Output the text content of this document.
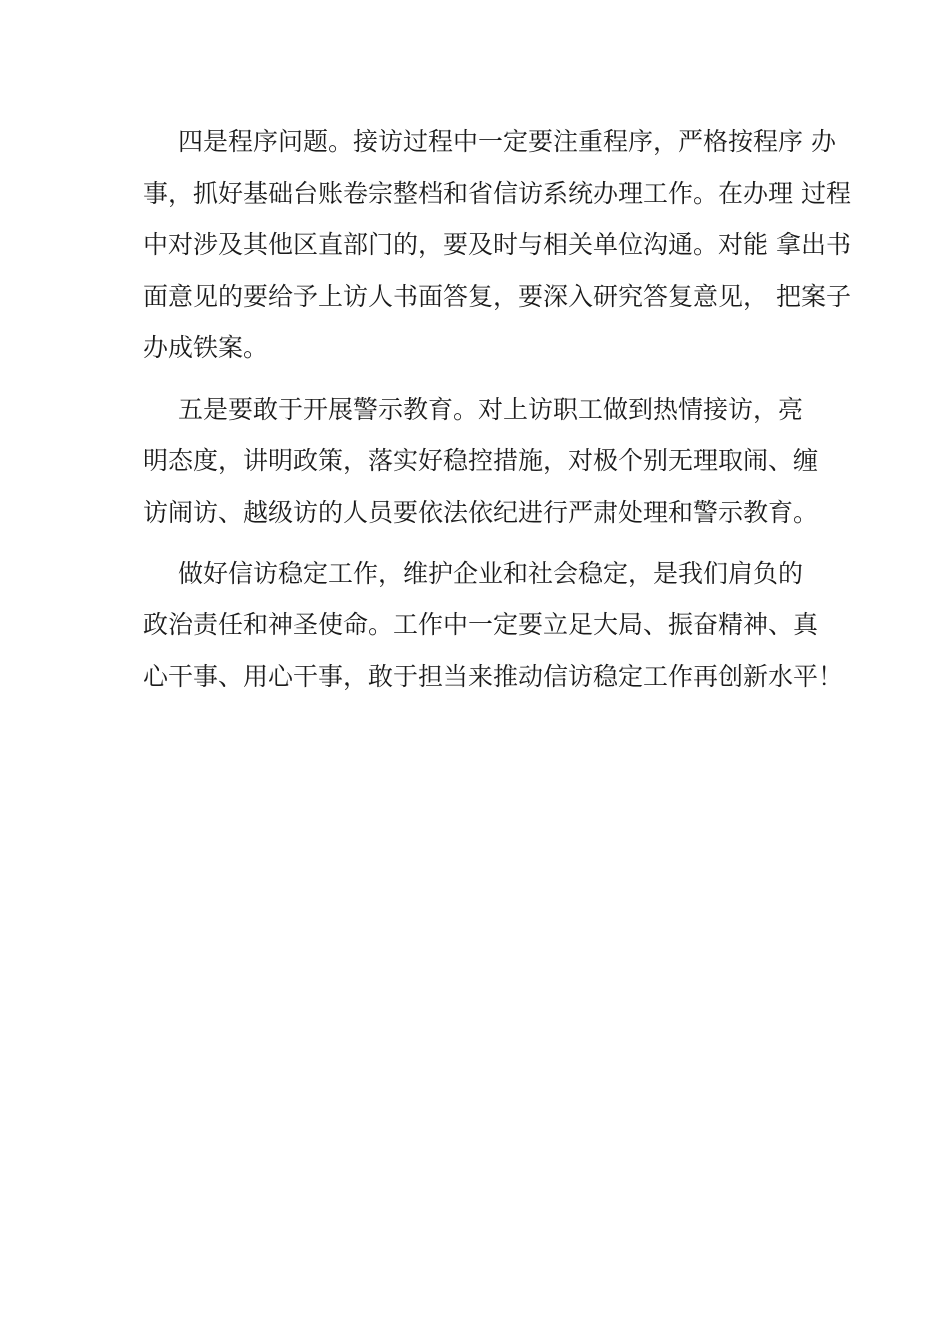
四是程序问题。接访过程中一定要注重程序，严格按程序 办

事，抓好基础台账卷宗整档和省信访系统办理工作。在办理 过程

中对涉及其他区直部门的，要及时与相关单位沟通。对能 拿出书

面意见的要给予上访人书面答复，要深入研究答复意见， 把案子

办成铁案。

五是要敢于开展警示教育。对上访职工做到热情接访，亮

明态度，讲明政策，落实好稳控措施，对极个别无理取闹、缠

访闹访、越级访的人员要依法依纪进行严肃处理和警示教育。

做好信访稳定工作，维护企业和社会稳定，是我们肩负的

政治责任和神圣使命。工作中一定要立足大局、振奋精神、真

心干事、用心干事，敢于担当来推动信访稳定工作再创新水平！
